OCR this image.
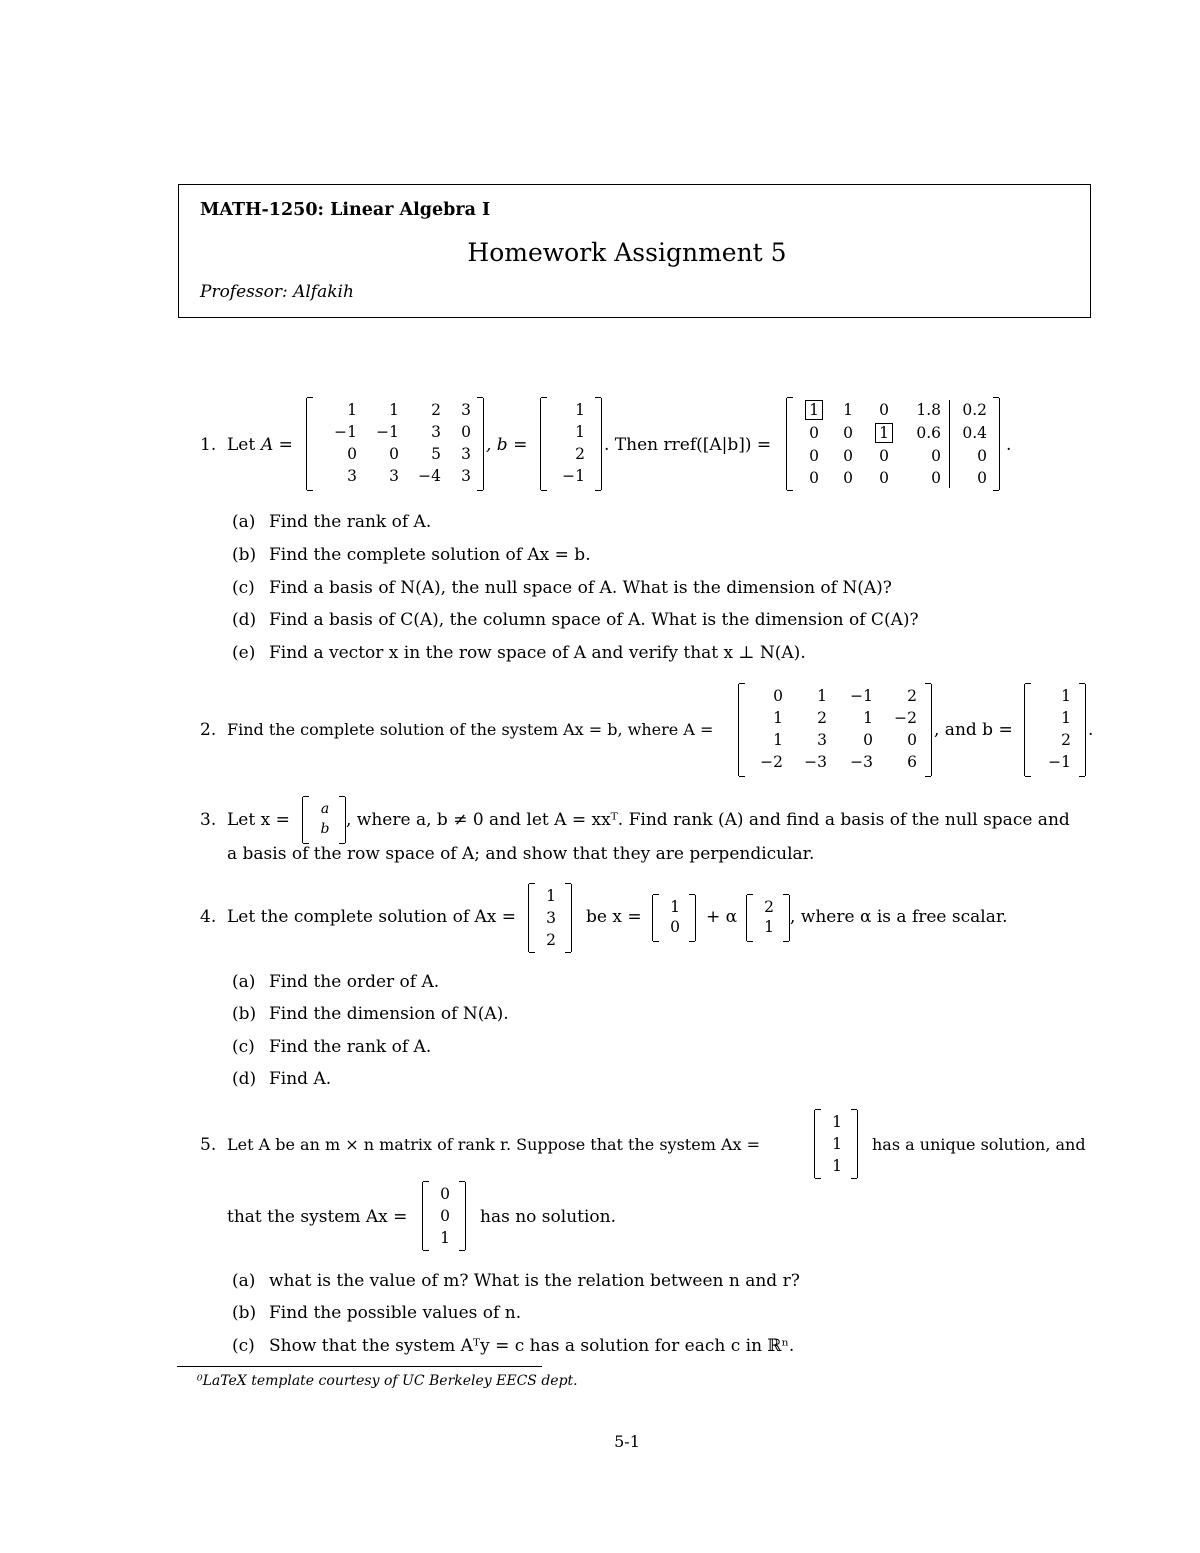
MATH-1250: Linear Algebra I
Homework Assignment 5
Professor: Alfakih
1. Let A =
1	1	2	3
−1	−1	3	0
0	0	5	3
3	3	−4	3
, b =
1
1
2
−1
. Then rref([A|b]) =
1 1 0	1.8	0.2
0 0 1	0.6	0.4
0 0 0	0	0
0 0 0	0	0
.
(a) Find the rank of A.
(b) Find the complete solution of Ax = b.
(c) Find a basis of N(A), the null space of A. What is the dimension of N(A)?
(d) Find a basis of C(A), the column space of A. What is the dimension of C(A)?
(e) Find a vector x in the row space of A and verify that x ⊥ N(A).
2. Find the complete solution of the system Ax = b, where A =
0	1	−1	2
1	2	1	−2
1	3	0	0
−2	−3	−3	6
, and b =
1
1
2
−1
.
3. Let x =
a
b , where a, b ≠ 0 and let A = xxᵀ. Find rank (A) and find a basis of the null space and
a basis of the row space of A; and show that they are perpendicular.
4. Let the complete solution of Ax =
1
3
2
be x =	1
0	+ α	2
1 , where α is a free scalar.
(a) Find the order of A.
(b) Find the dimension of N(A).
(c) Find the rank of A.
(d) Find A.
5. Let A be an m × n matrix of rank r. Suppose that the system Ax =
1
1
1
has a unique solution, and
that the system Ax =
0
0
1
has no solution.
(a) what is the value of m? What is the relation between n and r?
(b) Find the possible values of n.
(c) Show that the system Aᵀy = c has a solution for each c in ℝⁿ.
⁰LaTeX template courtesy of UC Berkeley EECS dept.
5-1
